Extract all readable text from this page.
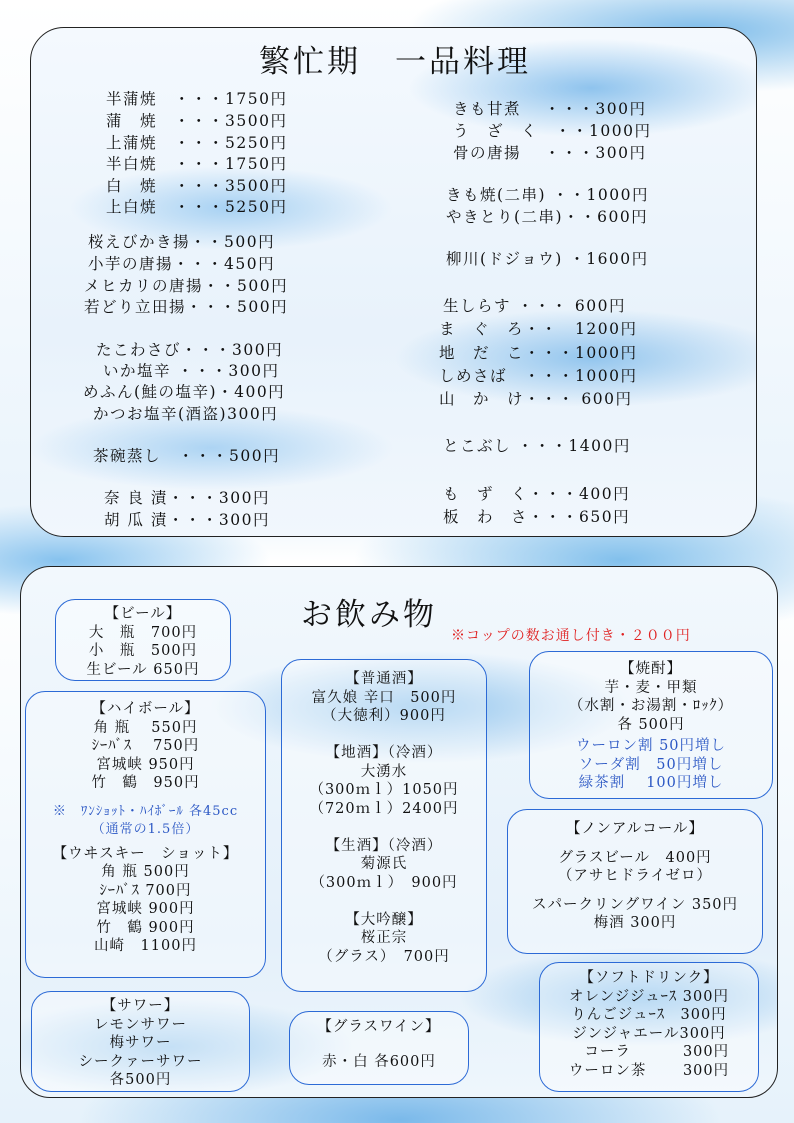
繁忙期　一品料理

半蒲焼　・・・1750円

蒲　焼　・・・3500円

上蒲焼　・・・5250円

半白焼　・・・1750円

白　焼　・・・3500円

上白焼　・・・5250円

桜えびかき揚・・500円

小芋の唐揚・・・450円

メヒカリの唐揚・・500円

若どり立田揚・・・500円

たこわさび・・・300円

いか塩辛 ・・・300円

めふん(鮭の塩辛)・400円

かつお塩辛(酒盗)300円

茶碗蒸し　・・・500円

奈 良 漬・・・300円

胡 瓜 漬・・・300円

きも甘煮　 ・・・300円

う　ざ　く　・・1000円

骨の唐揚　 ・・・300円

きも焼(二串) ・・1000円

やきとり(二串)・・600円

柳川(ドジョウ) ・1600円

生しらす ・・・ 600円

ま　ぐ　ろ・・　1200円

地　だ　こ・・・1000円

しめさば　・・・1000円

山　か　け・・・ 600円

とこぶし ・・・1400円

も　ず　く・・・400円

板　わ　さ・・・650円

お飲み物
※コップの数お通し付き・２００円
【ビール】
大　瓶　700円
小　瓶　500円
生ビール 650円
【ハイボール】
角 瓶　 550円
ｼｰﾊﾞｽ　 750円
宮城峡 950円
竹　鶴　950円
※　ﾜﾝｼｮｯﾄ・ﾊｲﾎﾞｰﾙ 各45cc
（通常の1.5倍）
【ウヰスキー　ショット】
角 瓶 500円
ｼｰﾊﾞｽ 700円
宮城峡 900円
竹　鶴 900円
山崎　1100円
【サワー】
レモンサワー
梅サワー
シークァーサワー
各500円
【普通酒】
富久娘 辛口　500円
（大徳利）900円

【地酒】（冷酒）
大湧水
（300ｍｌ）1050円
（720ｍｌ）2400円

【生酒】（冷酒）
菊源氏
（300ｍｌ）　900円

【大吟醸】
桜正宗
（グラス）　700円
【グラスワイン】
赤・白 各600円
【焼酎】
芋・麦・甲類
（水割・お湯割・ﾛｯｸ）
各 500円
ウーロン割 50円増し
ソーダ割　50円増し
緑茶割　 100円増し
【ノンアルコール】
グラスビール　400円
（アサヒドライゼロ）
スパークリングワイン 350円
梅酒 300円
【ソフトドリンク】
オレンジジュｰｽ 300円
りんごジュｰｽ　300円
ジンジャエール300円
　コーラ　　　 300円
ウーロン茶　　 300円
